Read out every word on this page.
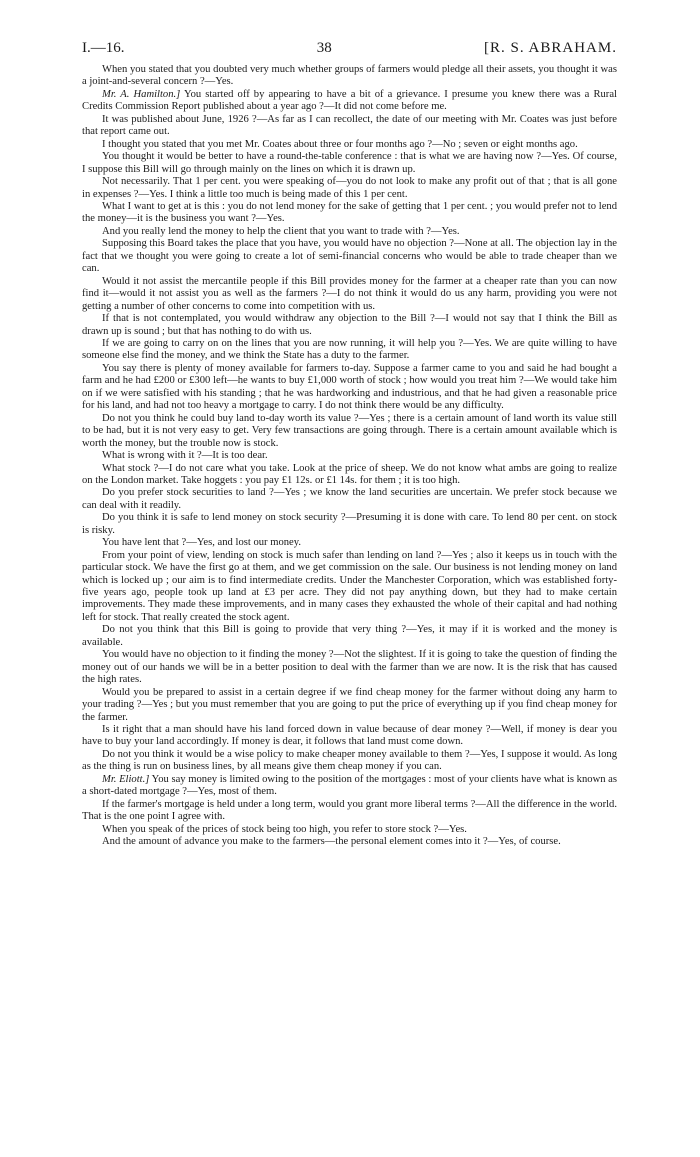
I.—16.	38	[R. S. ABRAHAM.

When you stated that you doubted very much whether groups of farmers would pledge all their assets, you thought it was a joint-and-several concern ?—Yes.

Mr. A. Hamilton.] You started off by appearing to have a bit of a grievance. I presume you knew there was a Rural Credits Commission Report published about a year ago ?—It did not come before me.

It was published about June, 1926 ?—As far as I can recollect, the date of our meeting with Mr. Coates was just before that report came out.

I thought you stated that you met Mr. Coates about three or four months ago ?—No ; seven or eight months ago.

You thought it would be better to have a round-the-table conference : that is what we are having now ?—Yes. Of course, I suppose this Bill will go through mainly on the lines on which it is drawn up.

Not necessarily. That 1 per cent. you were speaking of—you do not look to make any profit out of that ; that is all gone in expenses ?—Yes. I think a little too much is being made of this 1 per cent.

What I want to get at is this : you do not lend money for the sake of getting that 1 per cent. ; you would prefer not to lend the money—it is the business you want ?—Yes.

And you really lend the money to help the client that you want to trade with ?—Yes.

Supposing this Board takes the place that you have, you would have no objection ?—None at all. The objection lay in the fact that we thought you were going to create a lot of semi-financial concerns who would be able to trade cheaper than we can.

Would it not assist the mercantile people if this Bill provides money for the farmer at a cheaper rate than you can now find it—would it not assist you as well as the farmers ?—I do not think it would do us any harm, providing you were not getting a number of other concerns to come into competition with us.

If that is not contemplated, you would withdraw any objection to the Bill ?—I would not say that I think the Bill as drawn up is sound ; but that has nothing to do with us.

If we are going to carry on on the lines that you are now running, it will help you ?—Yes. We are quite willing to have someone else find the money, and we think the State has a duty to the farmer.

You say there is plenty of money available for farmers to-day. Suppose a farmer came to you and said he had bought a farm and he had £200 or £300 left—he wants to buy £1,000 worth of stock ; how would you treat him ?—We would take him on if we were satisfied with his standing ; that he was hardworking and industrious, and that he had given a reasonable price for his land, and had not too heavy a mortgage to carry. I do not think there would be any difficulty.

Do not you think he could buy land to-day worth its value ?—Yes ; there is a certain amount of land worth its value still to be had, but it is not very easy to get. Very few transactions are going through. There is a certain amount available which is worth the money, but the trouble now is stock.

What is wrong with it ?—It is too dear.

What stock ?—I do not care what you take. Look at the price of sheep. We do not know what ambs are going to realize on the London market. Take hoggets : you pay £1 12s. or £1 14s. for them ; it is too high.

Do you prefer stock securities to land ?—Yes ; we know the land securities are uncertain. We prefer stock because we can deal with it readily.

Do you think it is safe to lend money on stock security ?—Presuming it is done with care. To lend 80 per cent. on stock is risky.

You have lent that ?—Yes, and lost our money.

From your point of view, lending on stock is much safer than lending on land ?—Yes ; also it keeps us in touch with the particular stock. We have the first go at them, and we get commission on the sale. Our business is not lending money on land which is locked up ; our aim is to find intermediate credits. Under the Manchester Corporation, which was established forty-five years ago, people took up land at £3 per acre. They did not pay anything down, but they had to make certain improvements. They made these improvements, and in many cases they exhausted the whole of their capital and had nothing left for stock. That really created the stock agent.

Do not you think that this Bill is going to provide that very thing ?—Yes, it may if it is worked and the money is available.

You would have no objection to it finding the money ?—Not the slightest. If it is going to take the question of finding the money out of our hands we will be in a better position to deal with the farmer than we are now. It is the risk that has caused the high rates.

Would you be prepared to assist in a certain degree if we find cheap money for the farmer without doing any harm to your trading ?—Yes ; but you must remember that you are going to put the price of everything up if you find cheap money for the farmer.

Is it right that a man should have his land forced down in value because of dear money ?—Well, if money is dear you have to buy your land accordingly. If money is dear, it follows that land must come down.

Do not you think it would be a wise policy to make cheaper money available to them ?—Yes, I suppose it would. As long as the thing is run on business lines, by all means give them cheap money if you can.

Mr. Eliott.] You say money is limited owing to the position of the mortgages : most of your clients have what is known as a short-dated mortgage ?—Yes, most of them.

If the farmer's mortgage is held under a long term, would you grant more liberal terms ?—All the difference in the world. That is the one point I agree with.

When you speak of the prices of stock being too high, you refer to store stock ?—Yes.

And the amount of advance you make to the farmers—the personal element comes into it ?—Yes, of course.
